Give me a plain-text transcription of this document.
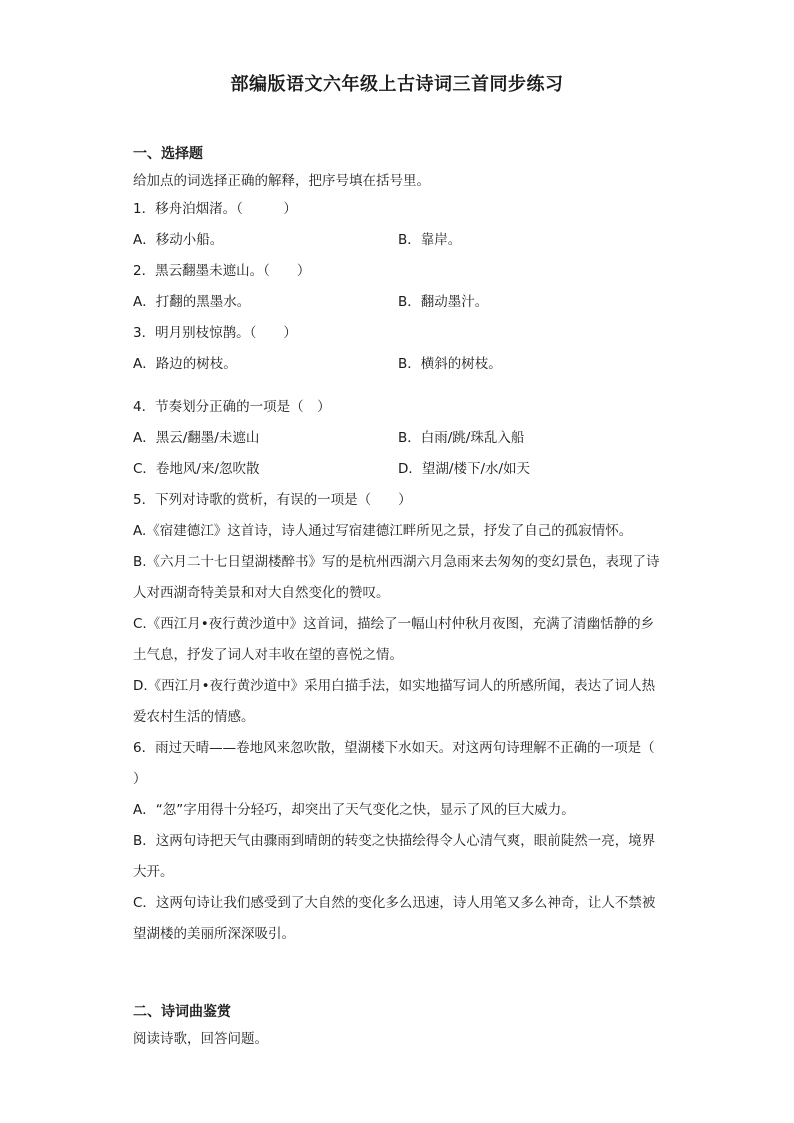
部编版语文六年级上古诗词三首同步练习
一、选择题
给加点的词选择正确的解释，把序号填在括号里。
1．移舟泊烟渚。（　　　）
A．移动小船。	B．靠岸。
2．黑云翻墨未遮山。（　　）
A．打翻的黑墨水。	B．翻动墨汁。
3．明月别枝惊鹊。（　　）
A．路边的树枝。	B．横斜的树枝。
4．节奏划分正确的一项是（　）
A．黑云/翻墨/未遮山	B．白雨/跳/珠乱入船
C．卷地风/来/忽吹散	D．望湖/楼下/水/如天
5．下列对诗歌的赏析，有误的一项是（　　）
A.《宿建德江》这首诗，诗人通过写宿建德江畔所见之景，抒发了自己的孤寂情怀。
B.《六月二十七日望湖楼醉书》写的是杭州西湖六月急雨来去匆匆的变幻景色，表现了诗人对西湖奇特美景和对大自然变化的赞叹。
C.《西江月•夜行黄沙道中》这首词，描绘了一幅山村仲秋月夜图，充满了清幽恬静的乡土气息，抒发了词人对丰收在望的喜悦之情。
D.《西江月•夜行黄沙道中》采用白描手法，如实地描写词人的所感所闻，表达了词人热爱农村生活的情感。
6．雨过天晴——卷地风来忽吹散，望湖楼下水如天。对这两句诗理解不正确的一项是（　　）
A．“忽”字用得十分轻巧，却突出了天气变化之快，显示了风的巨大威力。
B．这两句诗把天气由骤雨到晴朗的转变之快描绘得令人心清气爽，眼前陡然一亮，境界大开。
C．这两句诗让我们感受到了大自然的变化多么迅速，诗人用笔又多么神奇，让人不禁被望湖楼的美丽所深深吸引。
二、诗词曲鉴赏
阅读诗歌，回答问题。
